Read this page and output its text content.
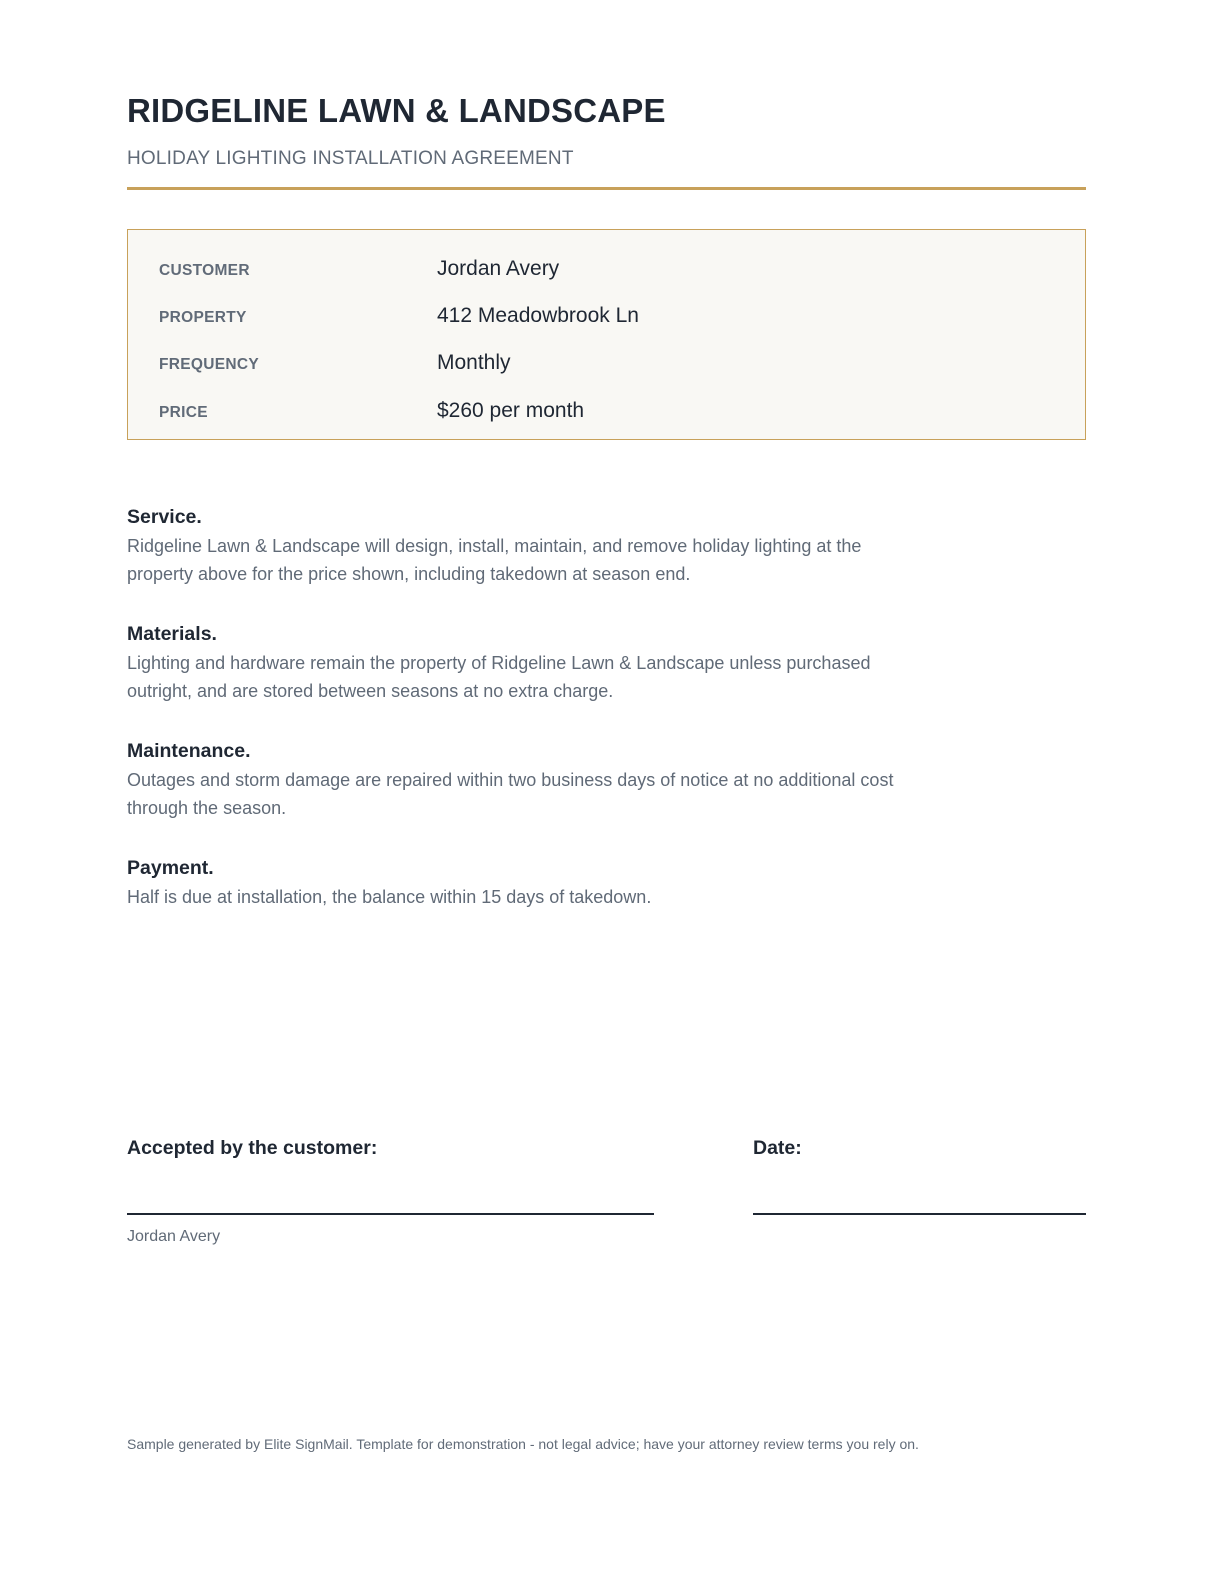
RIDGELINE LAWN & LANDSCAPE
HOLIDAY LIGHTING INSTALLATION AGREEMENT
CUSTOMER	Jordan Avery
PROPERTY	412 Meadowbrook Ln
FREQUENCY	Monthly
PRICE	$260 per month
Service.
Ridgeline Lawn & Landscape will design, install, maintain, and remove holiday lighting at the property above for the price shown, including takedown at season end.
Materials.
Lighting and hardware remain the property of Ridgeline Lawn & Landscape unless purchased outright, and are stored between seasons at no extra charge.
Maintenance.
Outages and storm damage are repaired within two business days of notice at no additional cost through the season.
Payment.
Half is due at installation, the balance within 15 days of takedown.
Accepted by the customer:	Date:
Jordan Avery
Sample generated by Elite SignMail. Template for demonstration - not legal advice; have your attorney review terms you rely on.
